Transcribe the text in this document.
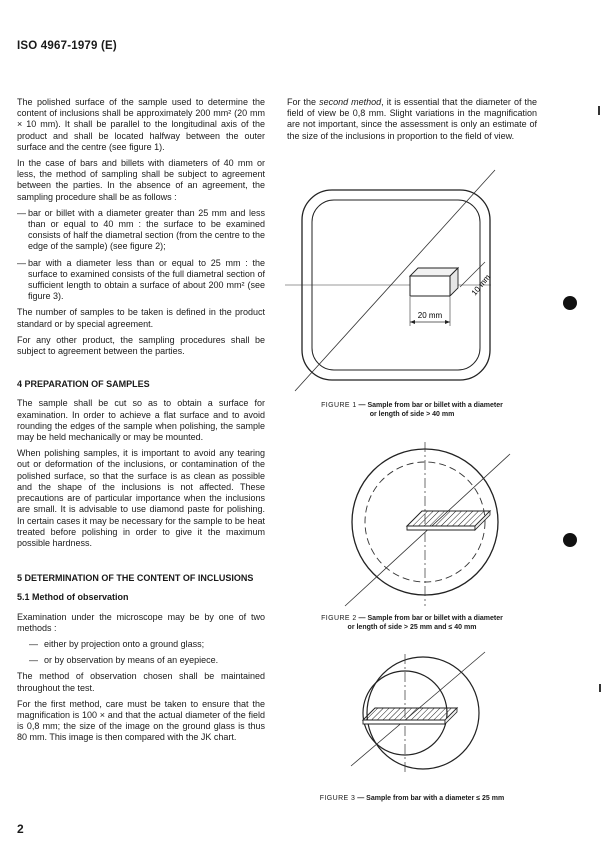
ISO 4967-1979 (E)

The polished surface of the sample used to determine the content of inclusions shall be approximately 200 mm² (20 mm × 10 mm). It shall be parallel to the longitudinal axis of the product and shall be located halfway between the outer surface and the centre (see figure 1).

In the case of bars and billets with diameters of 40 mm or less, the method of sampling shall be subject to agreement between the parties. In the absence of an agreement, the sampling procedure shall be as follows :

— bar or billet with a diameter greater than 25 mm and less than or equal to 40 mm : the surface to be examined consists of half the diametral section (from the centre to the edge of the sample) (see figure 2);
— bar with a diameter less than or equal to 25 mm : the surface to examined consists of the full diametral section of sufficient length to obtain a surface of about 200 mm² (see figure 3).

The number of samples to be taken is defined in the product standard or by special agreement.

For any other product, the sampling procedures shall be subject to agreement between the parties.

4 PREPARATION OF SAMPLES

The sample shall be cut so as to obtain a surface for examination. In order to achieve a flat surface and to avoid rounding the edges of the sample when polishing, the sample may be held mechanically or may be mounted.

When polishing samples, it is important to avoid any tearing out or deformation of the inclusions, or contamination of the polished surface, so that the surface is as clean as possible and the shape of the inclusions is not affected. These precautions are of particular importance when the inclusions are small. It is advisable to use diamond paste for polishing. In certain cases it may be necessary for the sample to be heat treated before polishing in order to give it the maximum possible hardness.

5 DETERMINATION OF THE CONTENT OF INCLUSIONS
5.1 Method of observation

Examination under the microscope may be by one of two methods :

— either by projection onto a ground glass;
— or by observation by means of an eyepiece.

The method of observation chosen shall be maintained throughout the test.

For the first method, care must be taken to ensure that the magnification is 100 × and that the actual diameter of the field is 0,8 mm; the size of the image on the ground glass is thus 80 mm. This image is then compared with the JK chart.

For the second method, it is essential that the diameter of the field of view be 0,8 mm. Slight variations in the magnification are not important, since the assessment is only an estimate of the size of the inclusions in proportion to the field of view.

20 mm
10 mm
FIGURE 1 — Sample from bar or billet with a diameter
or length of side > 40 mm
FIGURE 2 — Sample from bar or billet with a diameter
or length of side > 25 mm and ≤ 40 mm
FIGURE 3 — Sample from bar with a diameter ≤ 25 mm
2
